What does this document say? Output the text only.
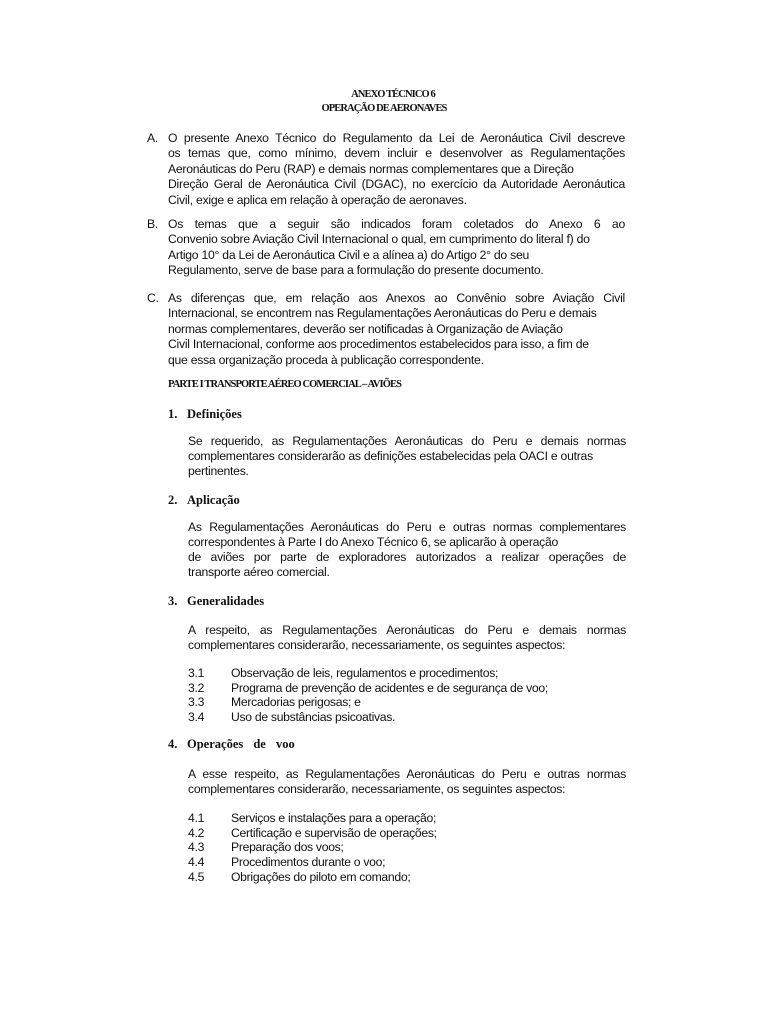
ANEXO TÉCNICO 6
OPERAÇÃO DE AERONAVES
A. O presente Anexo Técnico do Regulamento da Lei de Aeronáutica Civil descreve
os temas que, como mínimo, devem incluir e desenvolver as Regulamentações
Aeronáuticas do Peru (RAP) e demais normas complementares que a Direção
Direção Geral de Aeronáutica Civil (DGAC), no exercício da Autoridade Aeronáutica
Civil, exige e aplica em relação à operação de aeronaves.
B. Os temas que a seguir são indicados foram coletados do Anexo 6 ao
Convenio sobre Aviação Civil Internacional o qual, em cumprimento do literal f) do
Artigo 10° da Lei de Aeronáutica Civil e a alínea a) do Artigo 2° do seu
Regulamento, serve de base para a formulação do presente documento.
C. As diferenças que, em relação aos Anexos ao Convênio sobre Aviação Civil
Internacional, se encontrem nas Regulamentações Aeronáuticas do Peru e demais
normas complementares, deverão ser notificadas à Organização de Aviação
Civil Internacional, conforme aos procedimentos estabelecidos para isso, a fim de
que essa organização proceda à publicação correspondente.
PARTE I TRANSPORTE AÉREO COMERCIAL – AVIÕES
1. Definições
Se requerido, as Regulamentações Aeronáuticas do Peru e demais normas
complementares considerarão as definições estabelecidas pela OACI e outras
pertinentes.
2. Aplicação
As Regulamentações Aeronáuticas do Peru e outras normas complementares
correspondentes à Parte I do Anexo Técnico 6, se aplicarão à operação
de aviões por parte de exploradores autorizados a realizar operações de
transporte aéreo comercial.
3. Generalidades
A respeito, as Regulamentações Aeronáuticas do Peru e demais normas
complementares considerarão, necessariamente, os seguintes aspectos:
3.1 Observação de leis, regulamentos e procedimentos;
3.2 Programa de prevenção de acidentes e de segurança de voo;
3.3 Mercadorias perigosas; e
3.4 Uso de substâncias psicoativas.
4. Operações de voo
A esse respeito, as Regulamentações Aeronáuticas do Peru e outras normas
complementares considerarão, necessariamente, os seguintes aspectos:
4.1 Serviços e instalações para a operação;
4.2 Certificação e supervisão de operações;
4.3 Preparação dos voos;
4.4 Procedimentos durante o voo;
4.5 Obrigações do piloto em comando;
